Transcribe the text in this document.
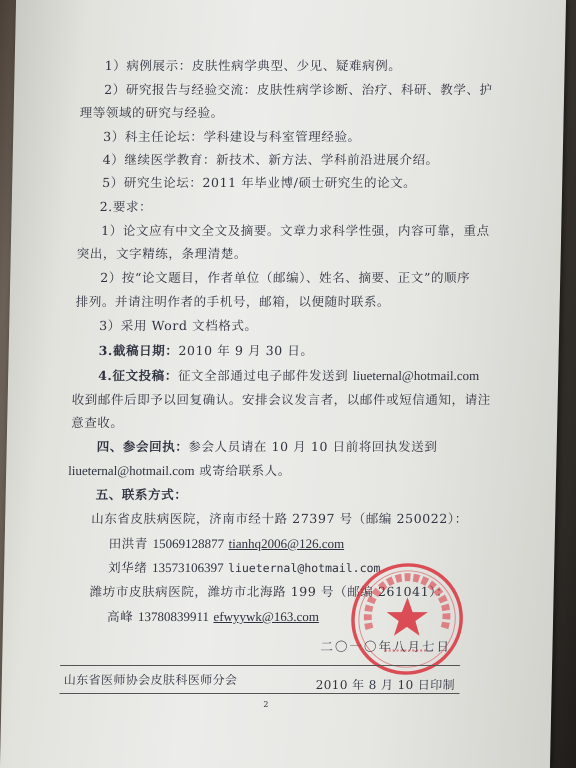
1）病例展示：皮肤性病学典型、少见、疑难病例。
2）研究报告与经验交流：皮肤性病学诊断、治疗、科研、教学、护
理等领域的研究与经验。
3）科主任论坛：学科建设与科室管理经验。
4）继续医学教育：新技术、新方法、学科前沿进展介绍。
5）研究生论坛：2011 年毕业博/硕士研究生的论文。
2.要求：
1）论文应有中文全文及摘要。文章力求科学性强，内容可靠，重点
突出，文字精练，条理清楚。
2）按“论文题目，作者单位（邮编）、姓名、摘要、正文”的顺序
排列。并请注明作者的手机号，邮箱，以便随时联系。
3）采用 Word 文档格式。
3.截稿日期：2010 年 9 月 30 日。
4.征文投稿：征文全部通过电子邮件发送到 liueternal@hotmail.com
收到邮件后即予以回复确认。安排会议发言者，以邮件或短信通知，请注
意查收。
四、参会回执：参会人员请在 10 月 10 日前将回执发送到
liueternal@hotmail.com 或寄给联系人。
五、联系方式：
山东省皮肤病医院，济南市经十路 27397 号（邮编 250022）：
田洪青 15069128877 tianhq2006@126.com
刘华绪 13573106397 liueternal@hotmail.com
潍坊市皮肤病医院，潍坊市北海路 199 号（邮编 261041）：
高峰 13780839911 efwyywk@163.com
二〇一〇年八月七日
山东省医师协会皮肤科医师分会	2010 年 8 月 10 日印制
2
